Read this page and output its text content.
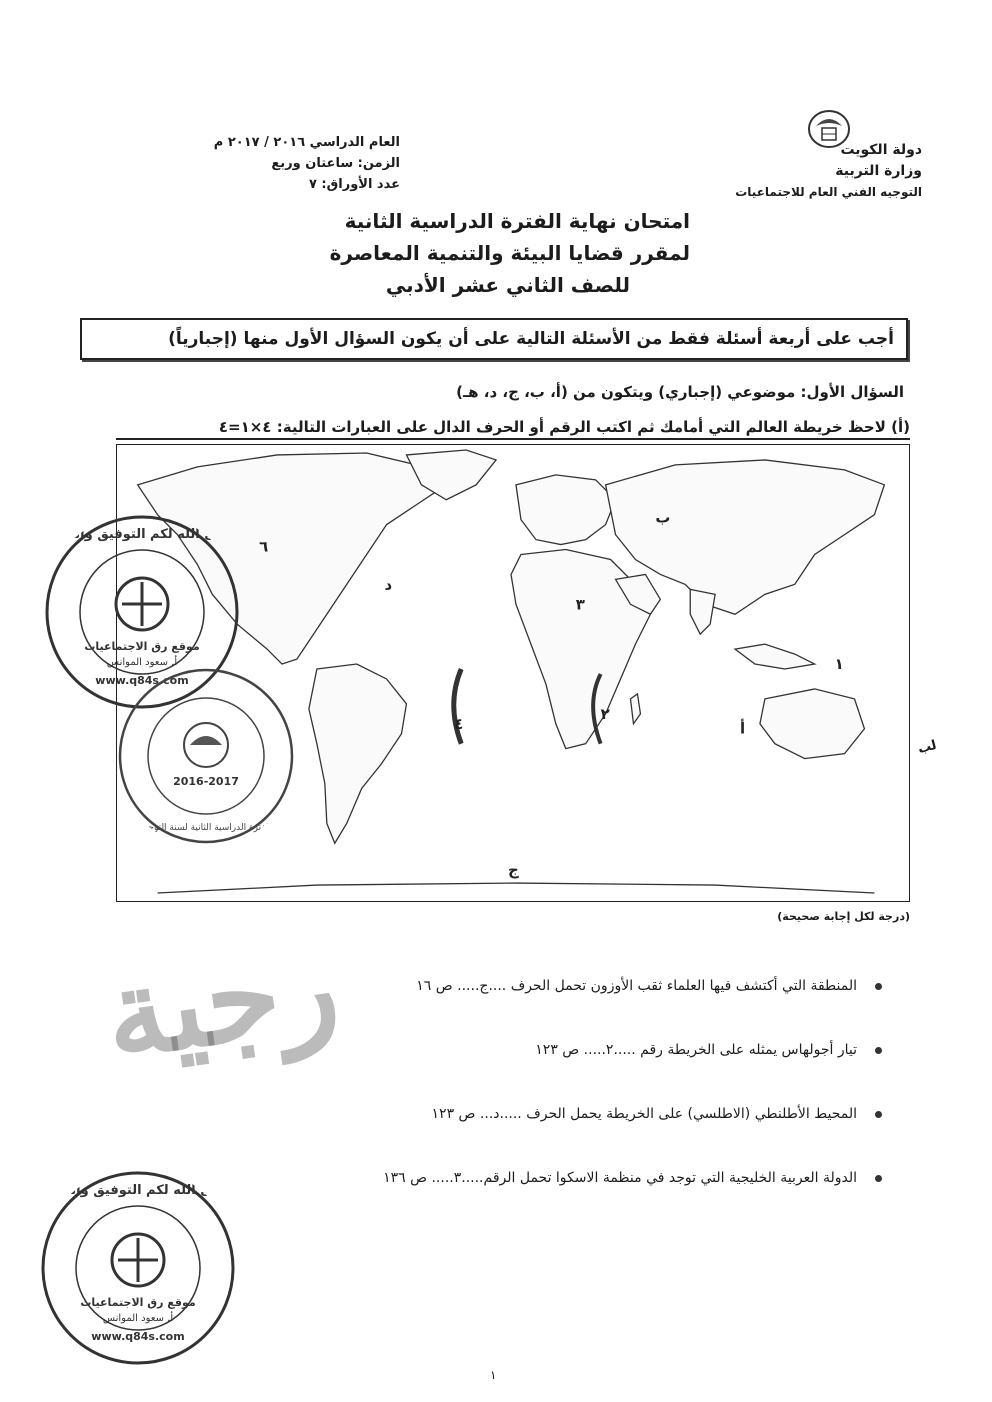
دولة الكويت
وزارة التربية
التوجيه الفني العام للاجتماعيات
العام الدراسي ٢٠١٦ / ٢٠١٧ م
الزمن: ساعتان وربع
عدد الأوراق: ٧
امتحان نهاية الفترة الدراسية الثانية
لمقرر قضايا البيئة والتنمية المعاصرة
للصف الثاني عشر الأدبي
أجب على أربعة أسئلة فقط من الأسئلة التالية على أن يكون السؤال الأول منها (إجبارياً)
السؤال الأول: موضوعي (إجباري) ويتكون من (أ، ب، ج، د، هـ)
(أ) لاحظ خريطة العالم التي أمامك ثم اكتب الرقم أو الحرف الدال على العبارات التالية: ٤×١=٤
١
٢
٣
٤
٦
أ
ب
ج
د
لب
(درجة لكل إجابة صحيحة)
المنطقة التي أكتشف فيها العلماء ثقب الأوزون تحمل الحرف ....ج..... ص ١٦
تيار أجولهاس يمثله على الخريطة رقم .....٢..... ص ١٢٣
المحيط الأطلنطي (الاطلسي) على الخريطة يحمل الحرف .....د... ص ١٢٣
الدولة العربية الخليجية التي توجد في منظمة الاسكوا تحمل الرقم.....٣..... ص ١٣٦
رجية
أسأل الله لكم التوفيق والنجاح
موقع رق الاجتماعيات
أ. سعود الموانس
www.q84s.com
2016-2017
الفترة الدراسية الثانية لسنة التوجيه
أسأل الله لكم التوفيق والنجاح
موقع رق الاجتماعيات
أ. سعود الموانس
www.q84s.com
١
